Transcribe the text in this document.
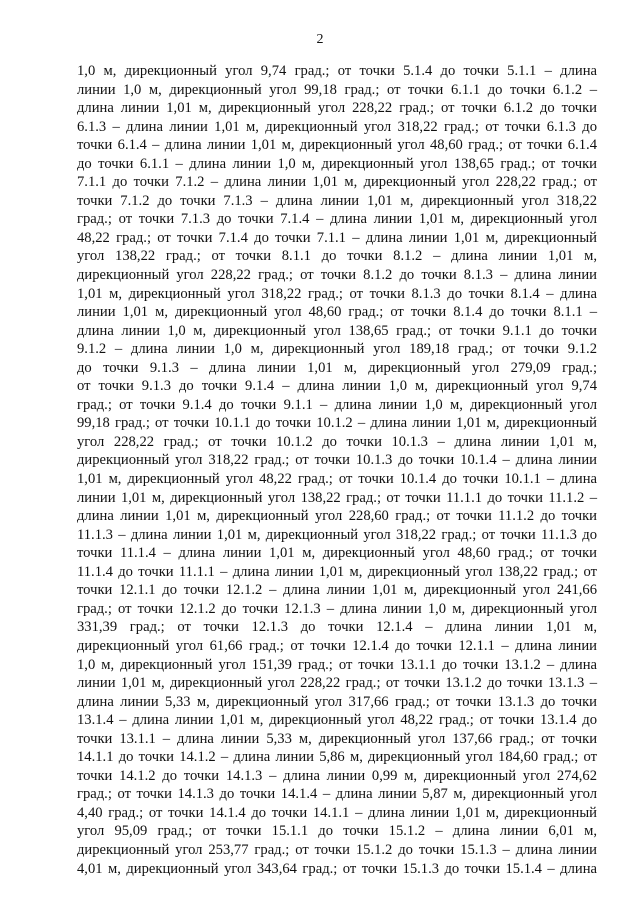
2
1,0 м, дирекционный угол 9,74 град.; от точки 5.1.4 до точки 5.1.1 – длина
линии 1,0 м, дирекционный угол 99,18 град.; от точки 6.1.1 до точки 6.1.2 –
длина линии 1,01 м, дирекционный угол 228,22 град.; от точки 6.1.2 до точки
6.1.3 – длина линии 1,01 м, дирекционный угол 318,22 град.; от точки 6.1.3 до
точки 6.1.4 – длина линии 1,01 м, дирекционный угол 48,60 град.; от точки 6.1.4
до точки 6.1.1 – длина линии 1,0 м, дирекционный угол 138,65 град.; от точки
7.1.1 до точки 7.1.2 – длина линии 1,01 м, дирекционный угол 228,22 град.; от
точки 7.1.2 до точки 7.1.3 – длина линии 1,01 м, дирекционный угол 318,22
град.; от точки 7.1.3 до точки 7.1.4 – длина линии 1,01 м, дирекционный угол
48,22 град.; от точки 7.1.4 до точки 7.1.1 – длина линии 1,01 м, дирекционный
угол 138,22 град.; от точки 8.1.1 до точки 8.1.2 – длина линии 1,01 м,
дирекционный угол 228,22 град.; от точки 8.1.2 до точки 8.1.3 – длина линии
1,01 м, дирекционный угол 318,22 град.; от точки 8.1.3 до точки 8.1.4 – длина
линии 1,01 м, дирекционный угол 48,60 град.; от точки 8.1.4 до точки 8.1.1 –
длина линии 1,0 м, дирекционный угол 138,65 град.; от точки 9.1.1 до точки
9.1.2 – длина линии 1,0 м, дирекционный угол 189,18 град.; от точки 9.1.2
до точки 9.1.3 – длина линии 1,01 м, дирекционный угол 279,09 град.;
от точки 9.1.3 до точки 9.1.4 – длина линии 1,0 м, дирекционный угол 9,74
град.; от точки 9.1.4 до точки 9.1.1 – длина линии 1,0 м, дирекционный угол
99,18 град.; от точки 10.1.1 до точки 10.1.2 – длина линии 1,01 м, дирекционный
угол 228,22 град.; от точки 10.1.2 до точки 10.1.3 – длина линии 1,01 м,
дирекционный угол 318,22 град.; от точки 10.1.3 до точки 10.1.4 – длина линии
1,01 м, дирекционный угол 48,22 град.; от точки 10.1.4 до точки 10.1.1 – длина
линии 1,01 м, дирекционный угол 138,22 град.; от точки 11.1.1 до точки 11.1.2 –
длина линии 1,01 м, дирекционный угол 228,60 град.; от точки 11.1.2 до точки
11.1.3 – длина линии 1,01 м, дирекционный угол 318,22 град.; от точки 11.1.3 до
точки 11.1.4 – длина линии 1,01 м, дирекционный угол 48,60 град.; от точки
11.1.4 до точки 11.1.1 – длина линии 1,01 м, дирекционный угол 138,22 град.; от
точки 12.1.1 до точки 12.1.2 – длина линии 1,01 м, дирекционный угол 241,66
град.; от точки 12.1.2 до точки 12.1.3 – длина линии 1,0 м, дирекционный угол
331,39 град.; от точки 12.1.3 до точки 12.1.4 – длина линии 1,01 м,
дирекционный угол 61,66 град.; от точки 12.1.4 до точки 12.1.1 – длина линии
1,0 м, дирекционный угол 151,39 град.; от точки 13.1.1 до точки 13.1.2 – длина
линии 1,01 м, дирекционный угол 228,22 град.; от точки 13.1.2 до точки 13.1.3 –
длина линии 5,33 м, дирекционный угол 317,66 град.; от точки 13.1.3 до точки
13.1.4 – длина линии 1,01 м, дирекционный угол 48,22 град.; от точки 13.1.4 до
точки 13.1.1 – длина линии 5,33 м, дирекционный угол 137,66 град.; от точки
14.1.1 до точки 14.1.2 – длина линии 5,86 м, дирекционный угол 184,60 град.; от
точки 14.1.2 до точки 14.1.3 – длина линии 0,99 м, дирекционный угол 274,62
град.; от точки 14.1.3 до точки 14.1.4 – длина линии 5,87 м, дирекционный угол
4,40 град.; от точки 14.1.4 до точки 14.1.1 – длина линии 1,01 м, дирекционный
угол 95,09 град.; от точки 15.1.1 до точки 15.1.2 – длина линии 6,01 м,
дирекционный угол 253,77 град.; от точки 15.1.2 до точки 15.1.3 – длина линии
4,01 м, дирекционный угол 343,64 град.; от точки 15.1.3 до точки 15.1.4 – длина
